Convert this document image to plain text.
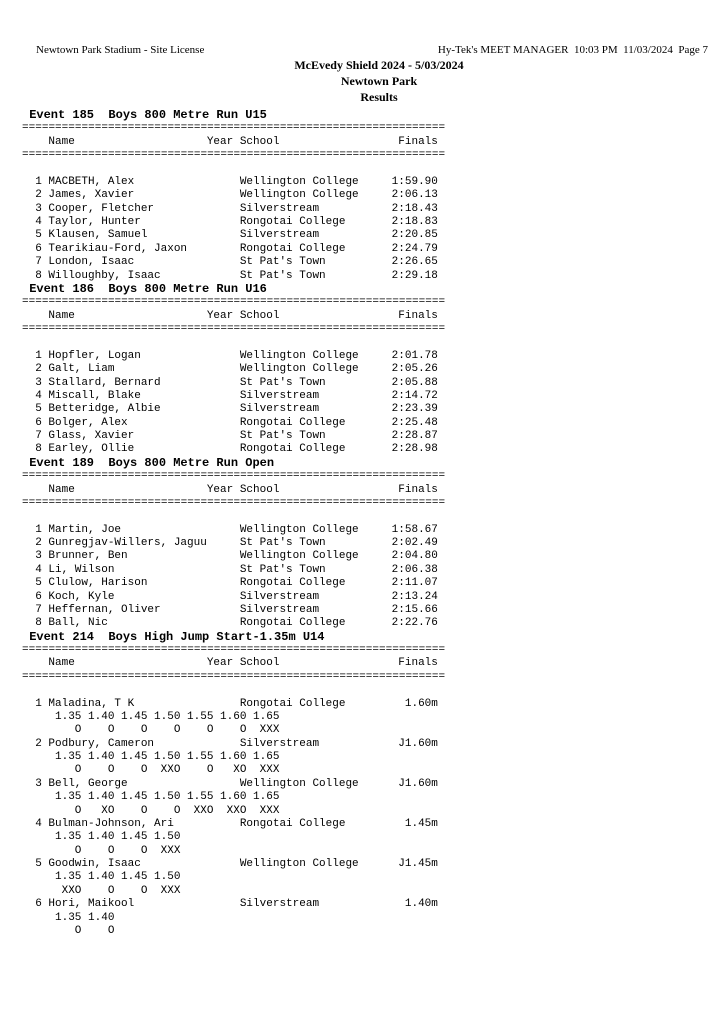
Newtown Park Stadium - Site License	Hy-Tek's MEET MANAGER  10:03 PM  11/03/2024  Page 7
McEvedy Shield 2024 - 5/03/2024
Newtown Park
Results
Event 185  Boys 800 Metre Run U15
================================================================
Name                    Year School                  Finals
================================================================
1 MACBETH, Alex                Wellington College     1:59.90
2 James, Xavier                Wellington College     2:06.13
3 Cooper, Fletcher             Silverstream           2:18.43
4 Taylor, Hunter               Rongotai College       2:18.83
5 Klausen, Samuel              Silverstream           2:20.85
6 Tearikiau-Ford, Jaxon        Rongotai College       2:24.79
7 London, Isaac                St Pat's Town          2:26.65
8 Willoughby, Isaac            St Pat's Town          2:29.18
Event 186  Boys 800 Metre Run U16
================================================================
Name                    Year School                  Finals
================================================================
1 Hopfler, Logan               Wellington College     2:01.78
2 Galt, Liam                   Wellington College     2:05.26
3 Stallard, Bernard            St Pat's Town          2:05.88
4 Miscall, Blake               Silverstream           2:14.72
5 Betteridge, Albie            Silverstream           2:23.39
6 Bolger, Alex                 Rongotai College       2:25.48
7 Glass, Xavier                St Pat's Town          2:28.87
8 Earley, Ollie                Rongotai College       2:28.98
Event 189  Boys 800 Metre Run Open
================================================================
Name                    Year School                  Finals
================================================================
1 Martin, Joe                  Wellington College     1:58.67
2 Gunregjav-Willers, Jaguu     St Pat's Town          2:02.49
3 Brunner, Ben                 Wellington College     2:04.80
4 Li, Wilson                   St Pat's Town          2:06.38
5 Clulow, Harison              Rongotai College       2:11.07
6 Koch, Kyle                   Silverstream           2:13.24
7 Heffernan, Oliver            Silverstream           2:15.66
8 Ball, Nic                    Rongotai College       2:22.76
Event 214  Boys High Jump Start-1.35m U14
================================================================
Name                    Year School                  Finals
================================================================
1 Maladina, T K                Rongotai College         1.60m
1.35 1.40 1.45 1.50 1.55 1.60 1.65
O    O    O    O    O    O  XXX
2 Podbury, Cameron             Silverstream            J1.60m
1.35 1.40 1.45 1.50 1.55 1.60 1.65
O    O    O  XXO    O   XO  XXX
3 Bell, George                 Wellington College      J1.60m
1.35 1.40 1.45 1.50 1.55 1.60 1.65
O   XO    O    O  XXO  XXO  XXX
4 Bulman-Johnson, Ari          Rongotai College         1.45m
1.35 1.40 1.45 1.50
O    O    O  XXX
5 Goodwin, Isaac               Wellington College      J1.45m
1.35 1.40 1.45 1.50
XXO    O    O  XXX
6 Hori, Maikool                Silverstream             1.40m
1.35 1.40
O    O
